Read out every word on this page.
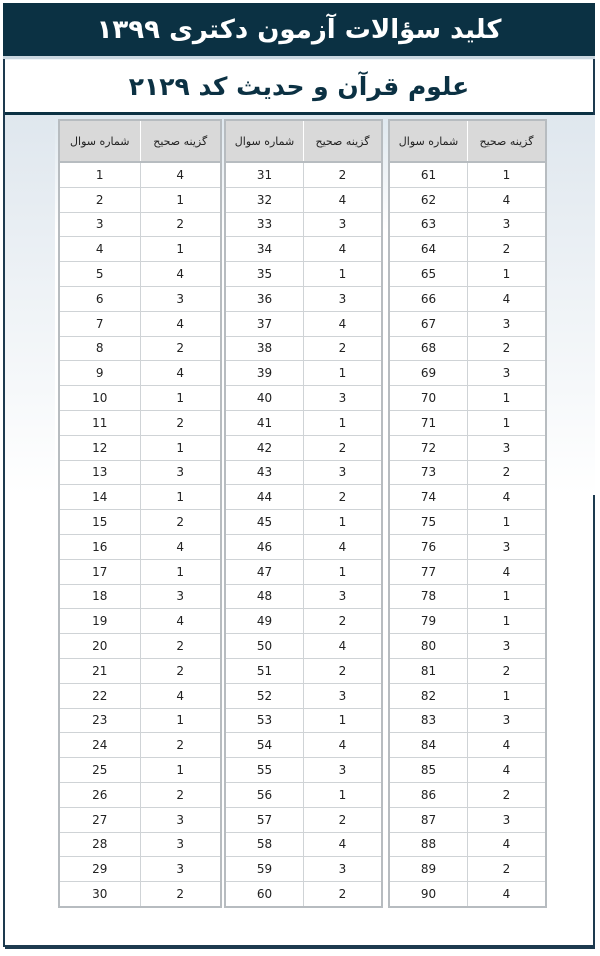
کلید سؤالات آزمون دکتری ۱۳۹۹
علوم قرآن و حدیث کد ۲۱۲۹
شماره سوال	گزینه صحیح
1	4
2	1
3	2
4	1
5	4
6	3
7	4
8	2
9	4
10	1
11	2
12	1
13	3
14	1
15	2
16	4
17	1
18	3
19	4
20	2
21	2
22	4
23	1
24	2
25	1
26	2
27	3
28	3
29	3
30	2
شماره سوال	گزینه صحیح
31	2
32	4
33	3
34	4
35	1
36	3
37	4
38	2
39	1
40	3
41	1
42	2
43	3
44	2
45	1
46	4
47	1
48	3
49	2
50	4
51	2
52	3
53	1
54	4
55	3
56	1
57	2
58	4
59	3
60	2
شماره سوال	گزینه صحیح
61	1
62	4
63	3
64	2
65	1
66	4
67	3
68	2
69	3
70	1
71	1
72	3
73	2
74	4
75	1
76	3
77	4
78	1
79	1
80	3
81	2
82	1
83	3
84	4
85	4
86	2
87	3
88	4
89	2
90	4
